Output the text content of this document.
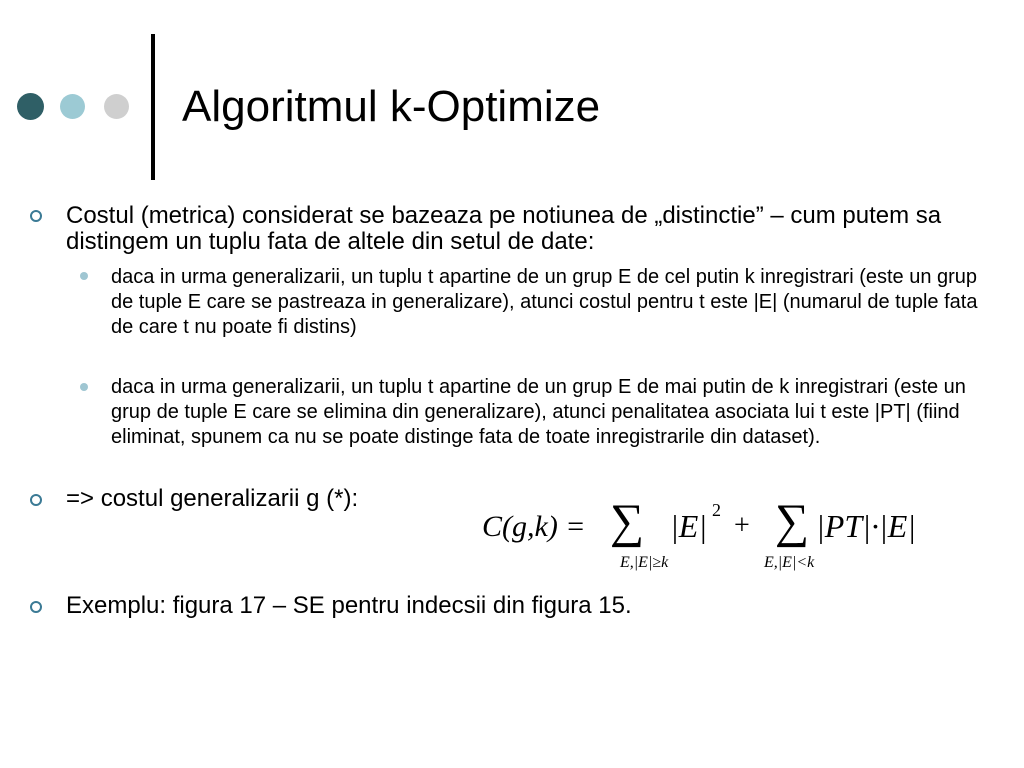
Algoritmul k-Optimize
Costul (metrica) considerat se bazeaza pe notiunea de „distinctie” – cum putem sa distingem un tuplu fata de altele din setul de date:
daca in urma generalizarii, un tuplu t apartine de un grup E de cel putin k inregistrari (este un grup de tuple E care se pastreaza in generalizare), atunci costul pentru t este |E| (numarul de tuple fata de care t nu poate fi distins)
daca in urma generalizarii, un tuplu t apartine de un grup E de mai putin de k inregistrari (este un grup de tuple E care se elimina din generalizare), atunci penalitatea asociata lui t este |PT| (fiind eliminat, spunem ca nu se poate distinge fata de toate inregistrarile din dataset).
=> costul generalizarii g (*):
C(g,k) = ∑ |E| 2 + ∑ |PT|·|E|
E,|E|≥k	E,|E|<k
Exemplu: figura 17 – SE pentru indecsii din figura 15.
